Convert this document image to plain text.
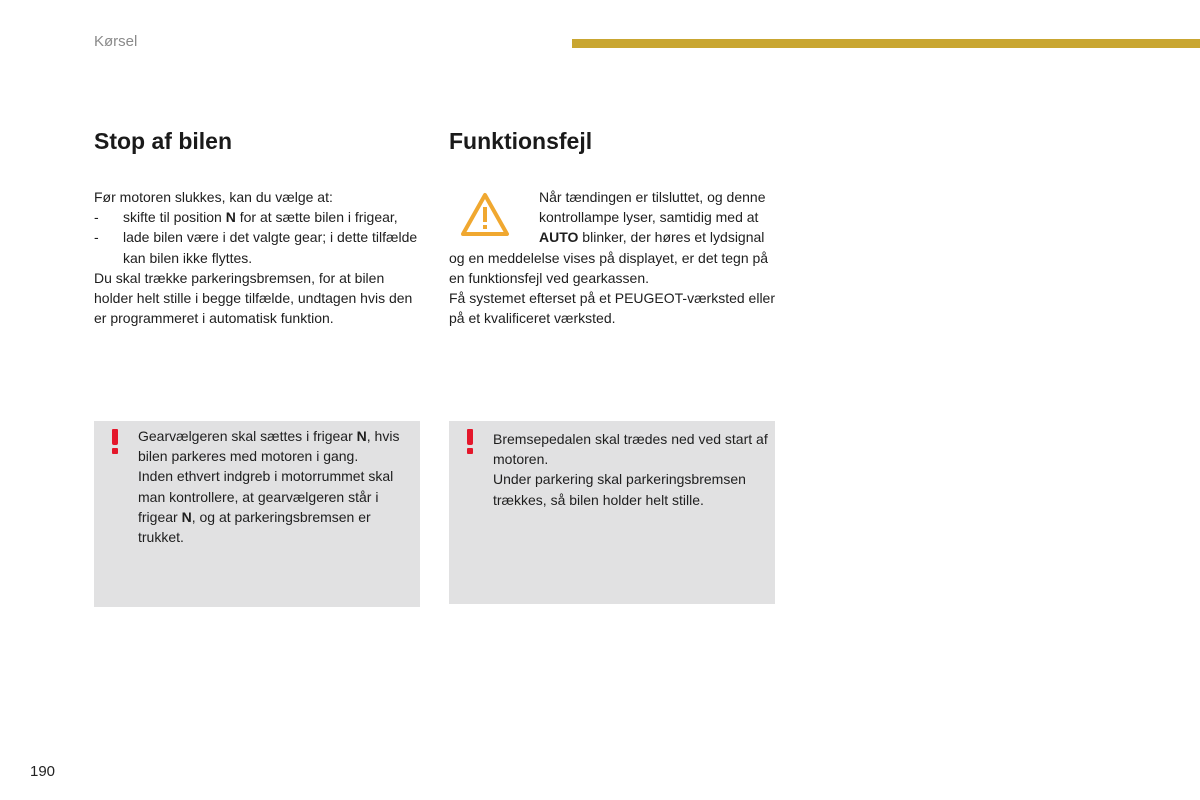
Kørsel

Stop af bilen

Før motoren slukkes, kan du vælge at:

- skifte til position N for at sætte bilen i frigear,
- lade bilen være i det valgte gear; i dette tilfælde kan bilen ikke flyttes.

Du skal trække parkeringsbremsen, for at bilen holder helt stille i begge tilfælde, undtagen hvis den er programmeret i automatisk funktion.

Funktionsfejl

Når tændingen er tilsluttet, og denne kontrollampe lyser, samtidig med at AUTO blinker, der høres et lydsignal og en meddelelse vises på displayet, er det tegn på en funktionsfejl ved gearkassen.

Få systemet efterset på et PEUGEOT-værksted eller på et kvalificeret værksted.

Gearvælgeren skal sættes i frigear N, hvis bilen parkeres med motoren i gang.

Inden ethvert indgreb i motorrummet skal man kontrollere, at gearvælgeren står i frigear N, og at parkeringsbremsen er trukket.

Bremsepedalen skal trædes ned ved start af motoren.

Under parkering skal parkeringsbremsen trækkes, så bilen holder helt stille.

190
